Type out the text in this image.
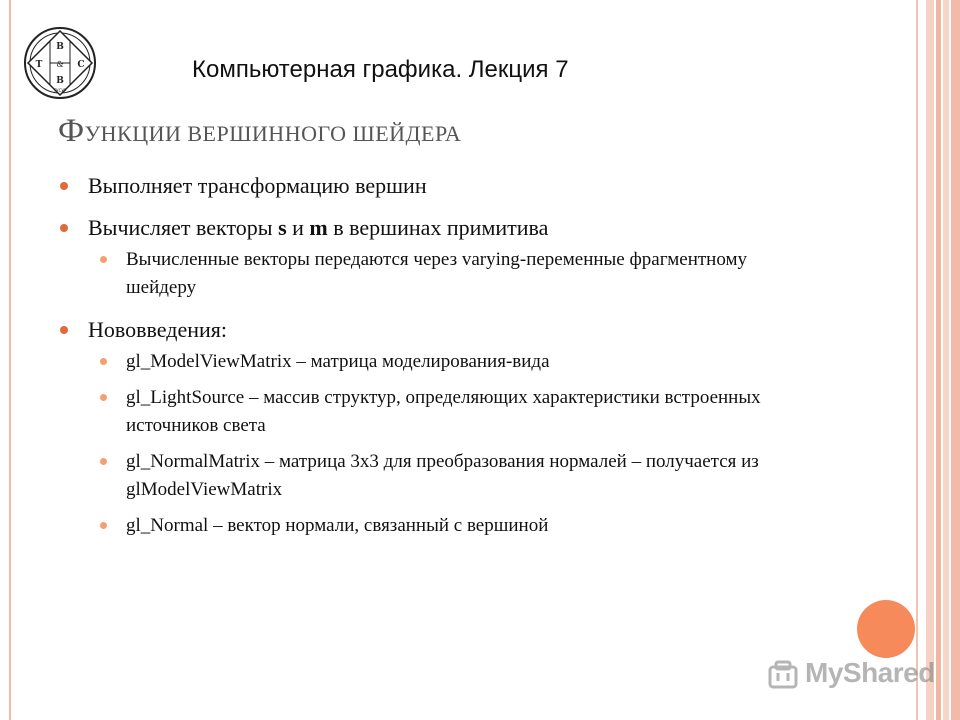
В
Т & С
В
ТУСУР
Компьютерная графика. Лекция 7
ФУНКЦИИ ВЕРШИННОГО ШЕЙДЕРА
Выполняет трансформацию вершин
Вычисляет векторы s и m в вершинах примитива
Вычисленные векторы передаются через varying-переменные фрагментному шейдеру
Нововведения:
gl_ModelViewMatrix – матрица моделирования-вида
gl_LightSource – массив структур, определяющих характеристики встроенных источников света
gl_NormalMatrix – матрица 3x3 для преобразования нормалей – получается из glModelViewMatrix
gl_Normal – вектор нормали, связанный с вершиной
MyShared
